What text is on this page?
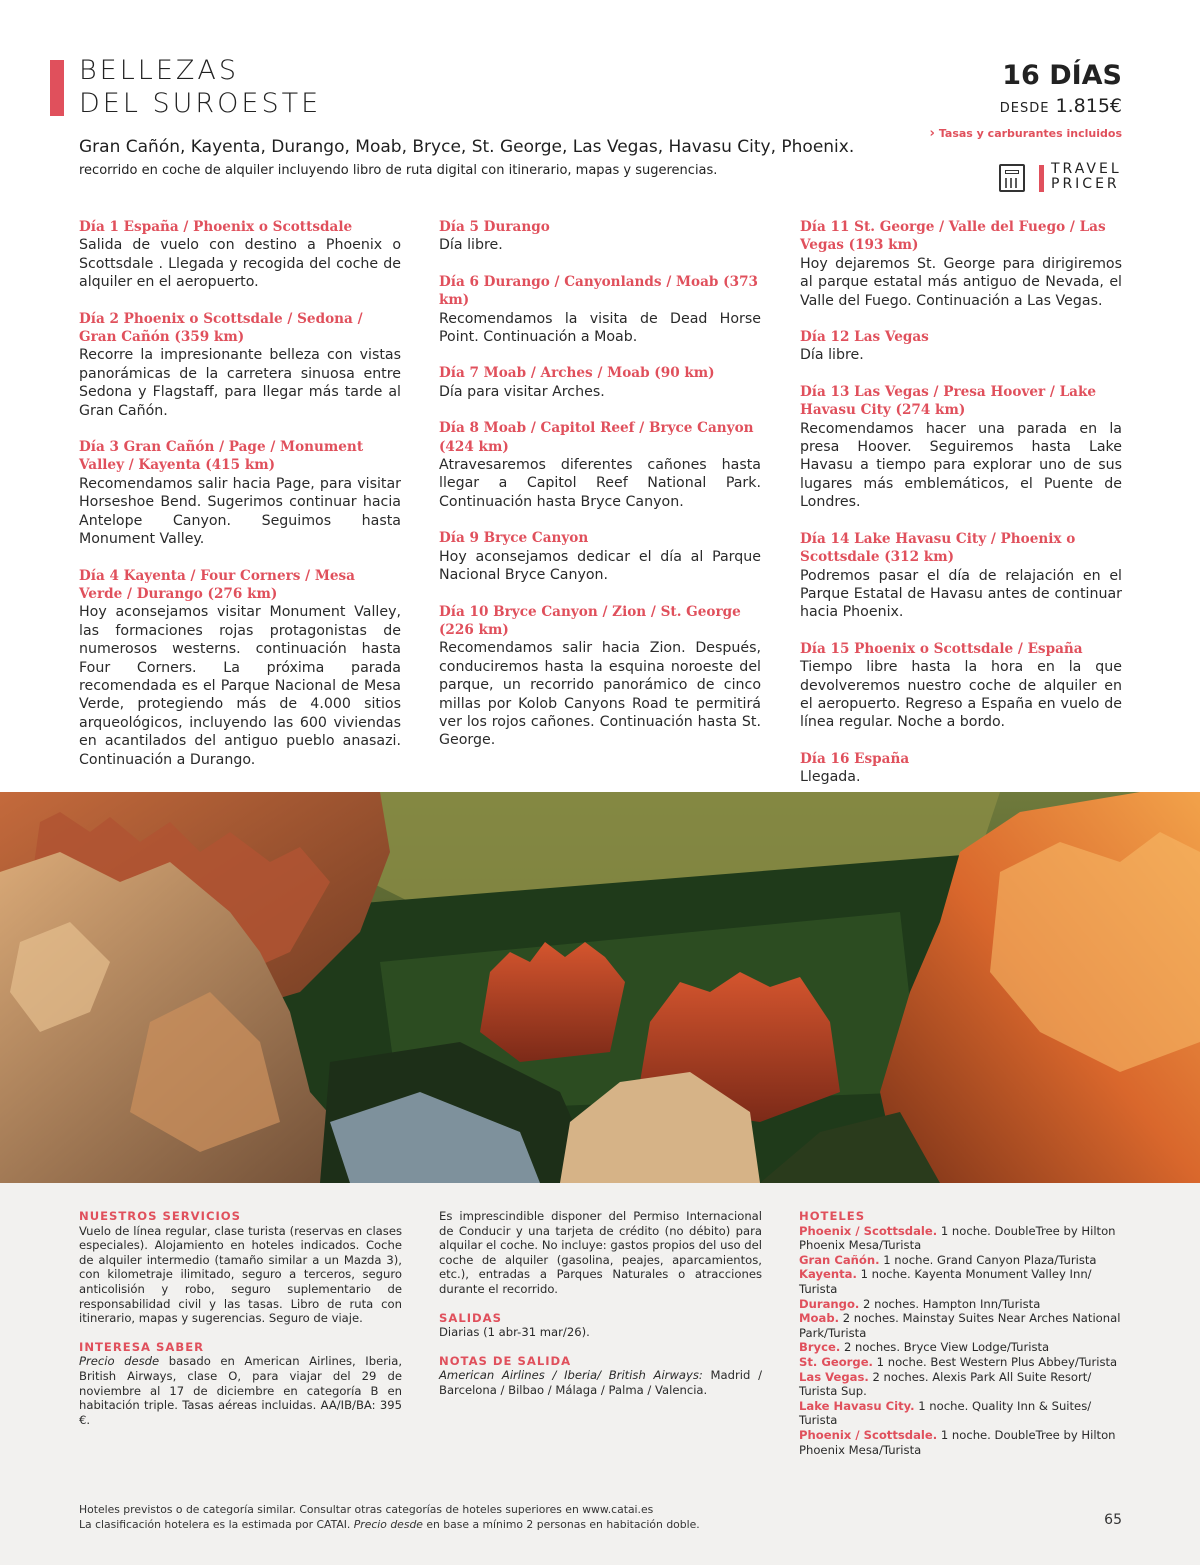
BELLEZAS
DEL SUROESTE
Gran Cañón, Kayenta, Durango, Moab, Bryce, St. George, Las Vegas, Havasu City, Phoenix.
recorrido en coche de alquiler incluyendo libro de ruta digital con itinerario, mapas y sugerencias.
16 DÍAS
DESDE 1.815€
› Tasas y carburantes incluidos
TRAVEL
PRICER
Día 1 España / Phoenix o Scottsdale

Salida de vuelo con destino a Phoenix o Scottsdale . Llegada y recogida del coche de alquiler en el aeropuerto.

Día 2 Phoenix o Scottsdale / Sedona / Gran Cañón (359 km)

Recorre la impresionante belleza con vistas panorámicas de la carretera sinuosa entre Sedona y Flagstaff, para llegar más tarde al Gran Cañón.

Día 3 Gran Cañón / Page / Monument Valley / Kayenta (415 km)

Recomendamos salir hacia Page, para visitar Horseshoe Bend. Sugerimos continuar hacia Antelope Canyon. Seguimos hasta Monument Valley.

Día 4 Kayenta / Four Corners / Mesa Verde / Durango (276 km)

Hoy aconsejamos visitar Monument Valley, las formaciones rojas protagonistas de numerosos westerns. continuación hasta Four Corners. La próxima parada recomendada es el Parque Nacional de Mesa Verde, protegiendo más de 4.000 sitios arqueológicos, incluyendo las 600 viviendas en acantilados del antiguo pueblo anasazi. Continuación a Durango.

Día 5 Durango

Día libre.

Día 6 Durango / Canyonlands / Moab (373 km)

Recomendamos la visita de Dead Horse Point. Continuación a Moab.

Día 7 Moab / Arches / Moab (90 km)

Día para visitar Arches.

Día 8 Moab / Capitol Reef / Bryce Canyon (424 km)

Atravesaremos diferentes cañones hasta llegar a Capitol Reef National Park. Continuación hasta Bryce Canyon.

Día 9 Bryce Canyon

Hoy aconsejamos dedicar el día al Parque Nacional Bryce Canyon.

Día 10 Bryce Canyon / Zion / St. George (226 km)

Recomendamos salir hacia Zion. Después, conduciremos hasta la esquina noroeste del parque, un recorrido panorámico de cinco millas por Kolob Canyons Road te permitirá ver los rojos cañones. Continuación hasta St. George.

Día 11 St. George / Valle del Fuego / Las Vegas (193 km)

Hoy dejaremos St. George para dirigiremos al parque estatal más antiguo de Nevada, el Valle del Fuego. Continuación a Las Vegas.

Día 12 Las Vegas

Día libre.

Día 13 Las Vegas / Presa Hoover / Lake Havasu City (274 km)

Recomendamos hacer una parada en la presa Hoover. Seguiremos hasta Lake Havasu a tiempo para explorar uno de sus lugares más emblemáticos, el Puente de Londres.

Día 14 Lake Havasu City / Phoenix o Scottsdale (312 km)

Podremos pasar el día de relajación en el Parque Estatal de Havasu antes de continuar hacia Phoenix.

Día 15 Phoenix o Scottsdale / España

Tiempo libre hasta la hora en la que devolveremos nuestro coche de alquiler en el aeropuerto. Regreso a España en vuelo de línea regular. Noche a bordo.

Día 16 España

Llegada.

NUESTROS SERVICIOS
Vuelo de línea regular, clase turista (reservas en clases especiales). Alojamiento en hoteles indicados. Coche de alquiler intermedio (tamaño similar a un Mazda 3), con kilometraje ilimitado, seguro a terceros, seguro anticolisión y robo, seguro suplementario de responsabilidad civil y las tasas. Libro de ruta con itinerario, mapas y sugerencias. Seguro de viaje.
INTERESA SABER
Precio desde basado en American Airlines, Iberia, British Airways, clase O, para viajar del 29 de noviembre al 17 de diciembre en categoría B en habitación triple. Tasas aéreas incluidas. AA/IB/BA: 395 €.
Es imprescindible disponer del Permiso Internacional de Conducir y una tarjeta de crédito (no débito) para alquilar el coche. No incluye: gastos propios del uso del coche de alquiler (gasolina, peajes, aparcamientos, etc.), entradas a Parques Naturales o atracciones durante el recorrido.
SALIDAS
Diarias (1 abr-31 mar/26).
NOTAS DE SALIDA
American Airlines / Iberia/ British Airways: Madrid / Barcelona / Bilbao / Málaga / Palma / Valencia.
HOTELES
Phoenix / Scottsdale. 1 noche. DoubleTree by Hilton Phoenix Mesa/Turista
Gran Cañón. 1 noche. Grand Canyon Plaza/Turista
Kayenta. 1 noche. Kayenta Monument Valley Inn/ Turista
Durango. 2 noches. Hampton Inn/Turista
Moab. 2 noches. Mainstay Suites Near Arches National Park/Turista
Bryce. 2 noches. Bryce View Lodge/Turista
St. George. 1 noche. Best Western Plus Abbey/Turista
Las Vegas. 2 noches. Alexis Park All Suite Resort/ Turista Sup.
Lake Havasu City. 1 noche. Quality Inn & Suites/ Turista
Phoenix / Scottsdale. 1 noche. DoubleTree by Hilton Phoenix Mesa/Turista
Hoteles previstos o de categoría similar. Consultar otras categorías de hoteles superiores en www.catai.es
La clasificación hotelera es la estimada por CATAI. Precio desde en base a mínimo 2 personas en habitación doble.	65
